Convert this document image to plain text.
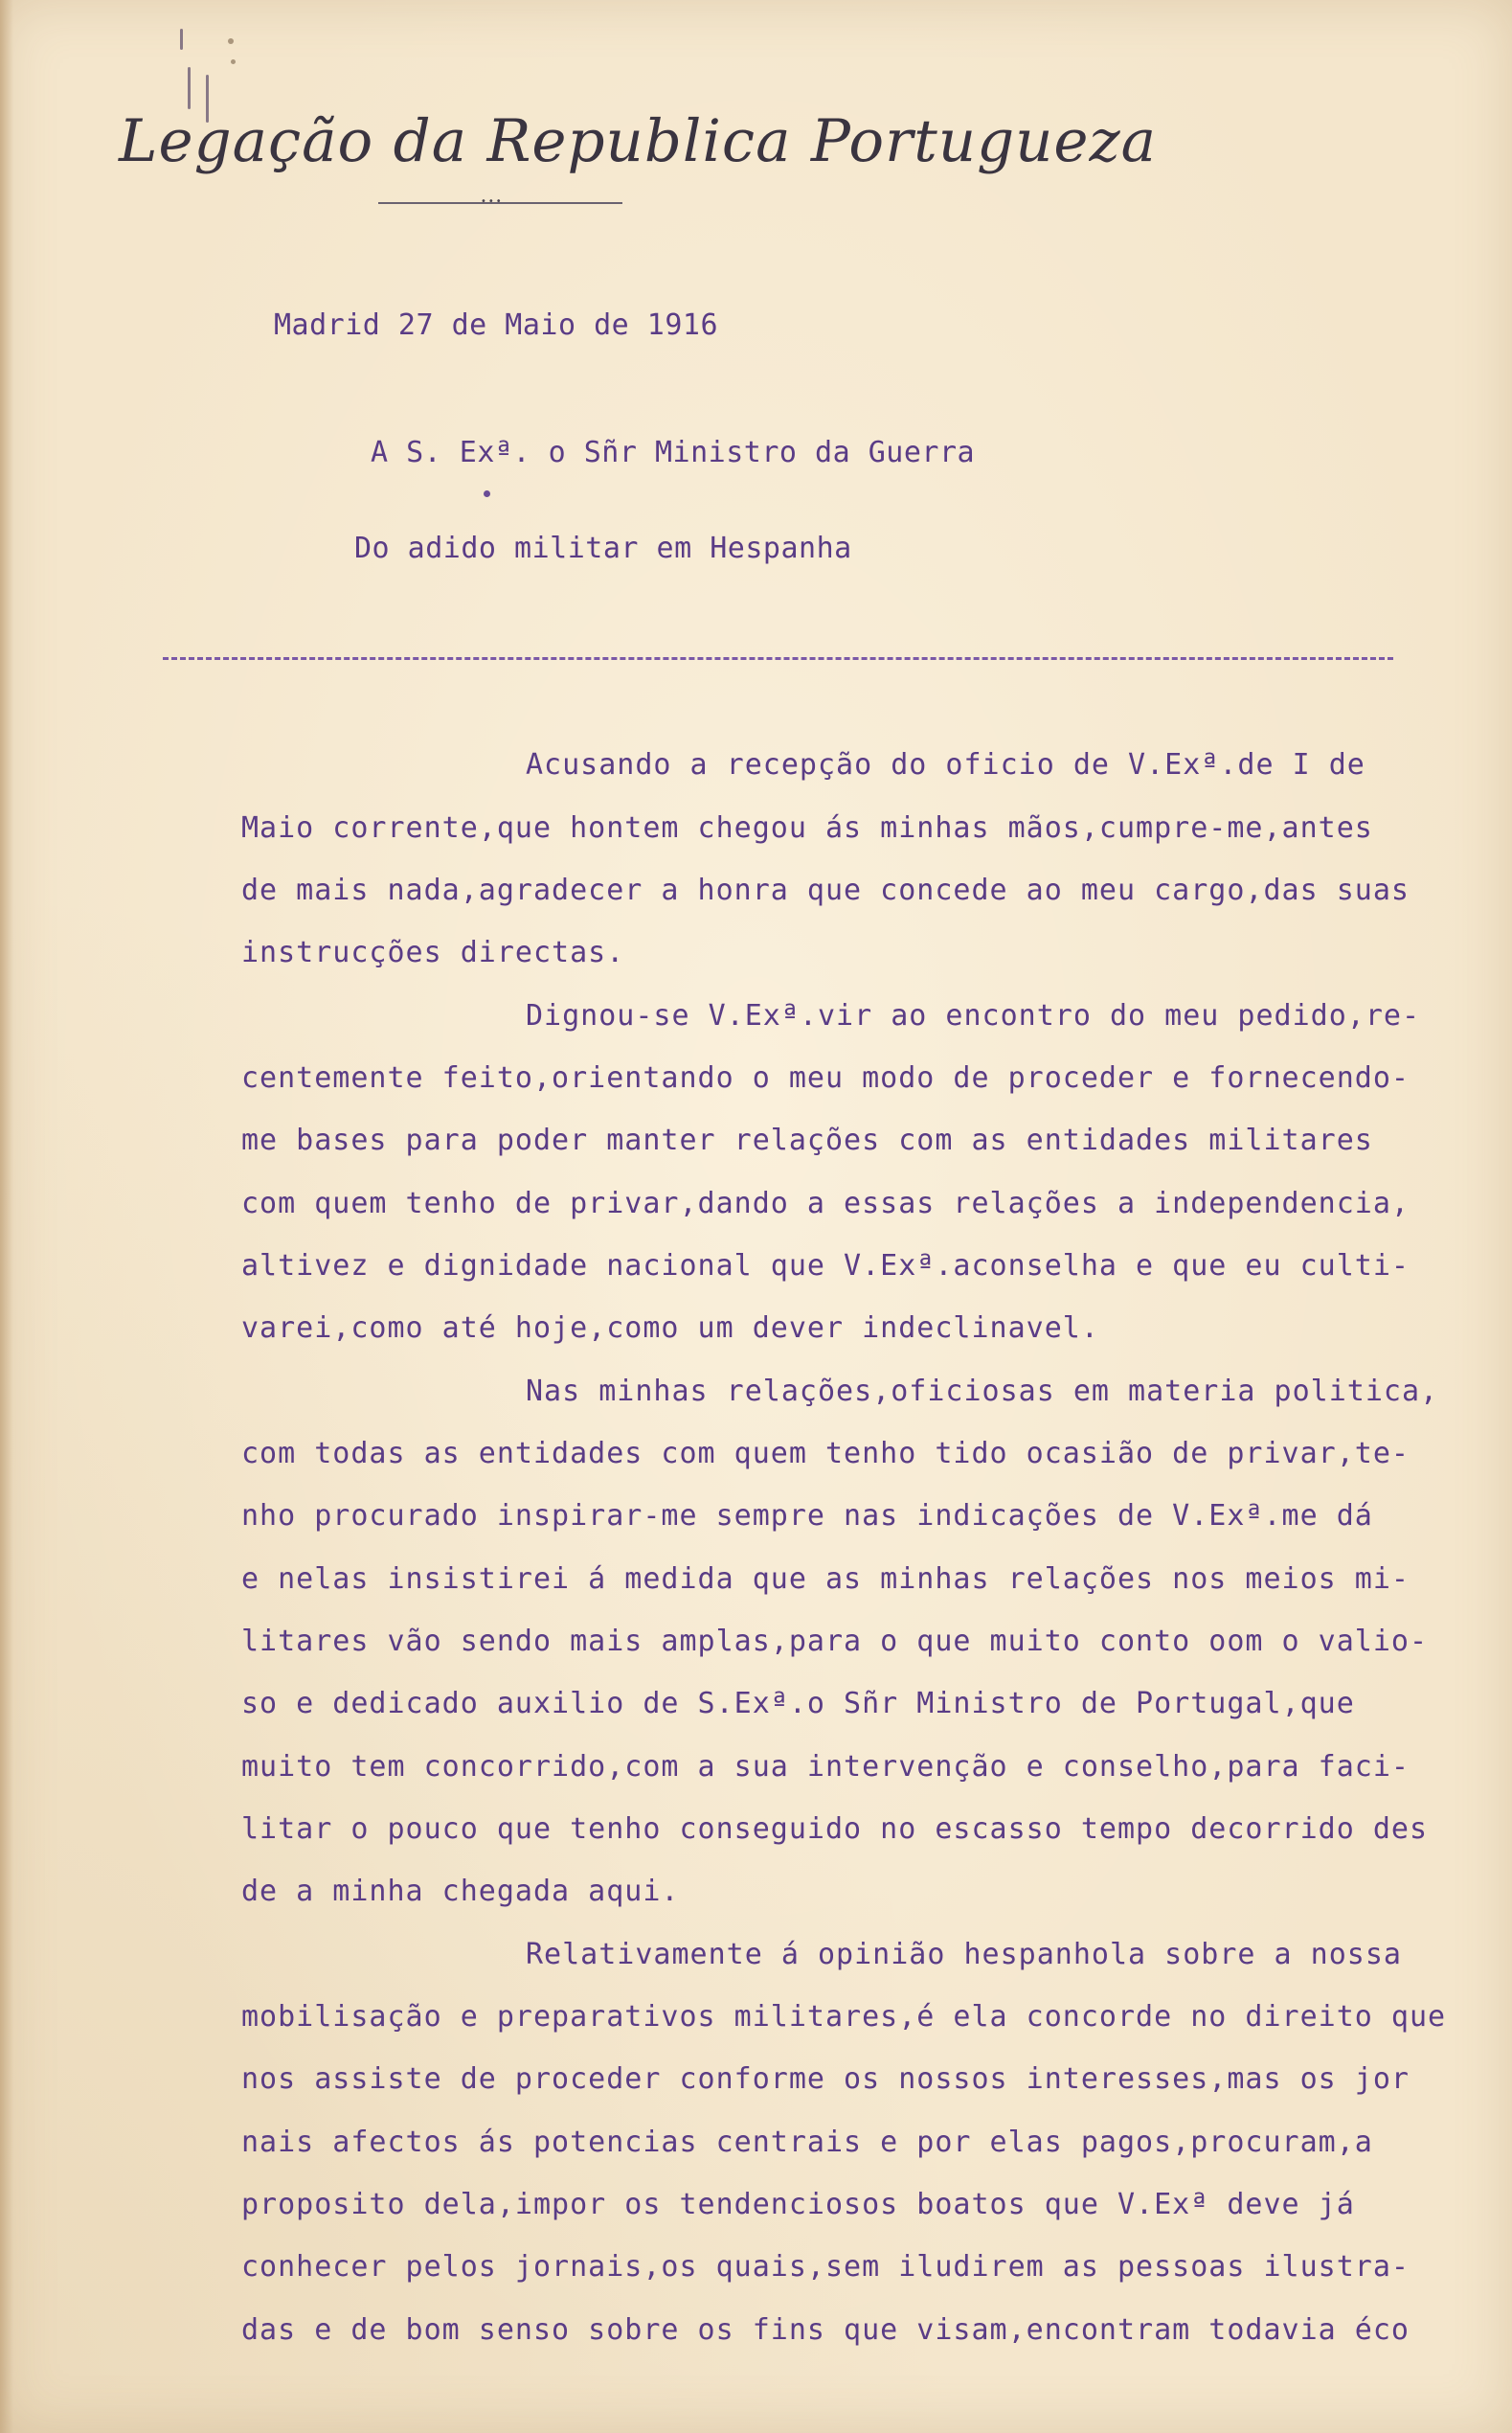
Legação da Republica Portugueza
•••
Madrid 27 de Maio de 1916
A S. Exª. o Sñr Ministro da Guerra
Do adido militar em Hespanha
Acusando a recepção do oficio de V.Exª.de I de
Maio corrente,que hontem chegou ás minhas mãos,cumpre-me,antes
de mais nada,agradecer a honra que concede ao meu cargo,das suas
instrucções directas.
Dignou-se V.Exª.vir ao encontro do meu pedido,re-
centemente feito,orientando o meu modo de proceder e fornecendo-
me bases para poder manter relações com as entidades militares
com quem tenho de privar,dando a essas relações a independencia,
altivez e dignidade nacional que V.Exª.aconselha e que eu culti-
varei,como até hoje,como um dever indeclinavel.
Nas minhas relações,oficiosas em materia politica,
com todas as entidades com quem tenho tido ocasião de privar,te-
nho procurado inspirar-me sempre nas indicações de V.Exª.me dá
e nelas insistirei á medida que as minhas relações nos meios mi-
litares vão sendo mais amplas,para o que muito conto oom o valio-
so e dedicado auxilio de S.Exª.o Sñr Ministro de Portugal,que
muito tem concorrido,com a sua intervenção e conselho,para faci-
litar o pouco que tenho conseguido no escasso tempo decorrido des
de a minha chegada aqui.
Relativamente á opinião hespanhola sobre a nossa
mobilisação e preparativos militares,é ela concorde no direito que
nos assiste de proceder conforme os nossos interesses,mas os jor
nais afectos ás potencias centrais e por elas pagos,procuram,a
proposito dela,impor os tendenciosos boatos que V.Exª deve já
conhecer pelos jornais,os quais,sem iludirem as pessoas ilustra-
das e de bom senso sobre os fins que visam,encontram todavia éco
